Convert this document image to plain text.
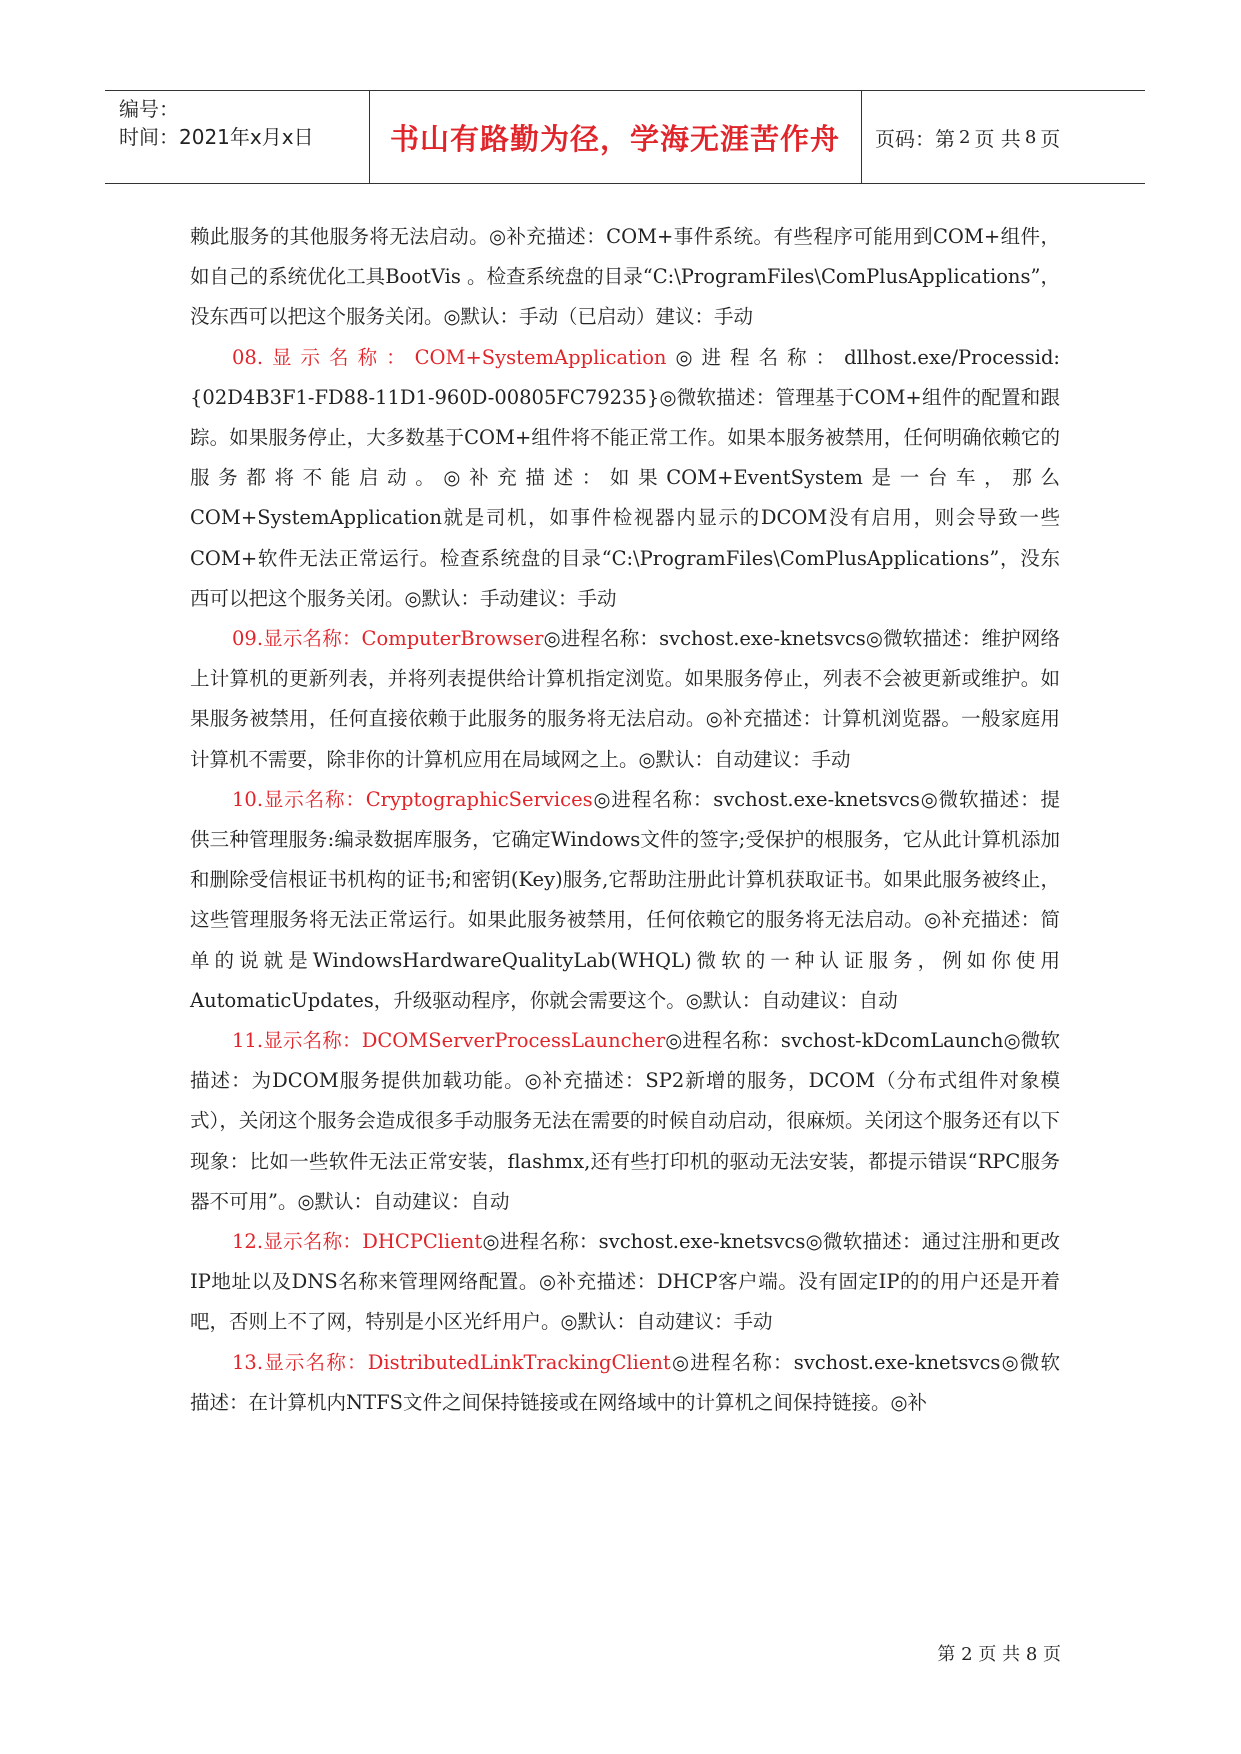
编号：
时间：2021年x月x日	书山有路勤为径，学海无涯苦作舟	页码：第 2 页 共 8 页

赖此服务的其他服务将无法启动。◎补充描述：COM+事件系统。有些程序可能用到COM+组件，如自己的系统优化工具BootVis 。检查系统盘的目录“C:\ProgramFiles\ComPlusApplications”，没东西可以把这个服务关闭。◎默认：手动（已启动）建议：手动

08.显示名称：COM+SystemApplication◎进程名称：dllhost.exe/Processid:{02D4B3F1-FD88-11D1-960D-00805FC79235}◎微软描述：管理基于COM+组件的配置和跟踪。如果服务停止，大多数基于COM+组件将不能正常工作。如果本服务被禁用，任何明确依赖它的服务都将不能启动。◎补充描述：如果COM+EventSystem是一台车，那么COM+SystemApplication就是司机，如事件检视器内显示的DCOM没有启用，则会导致一些COM+软件无法正常运行。检查系统盘的目录“C:\ProgramFiles\ComPlusApplications”，没东西可以把这个服务关闭。◎默认：手动建议：手动

09.显示名称：ComputerBrowser◎进程名称：svchost.exe-knetsvcs◎微软描述：维护网络上计算机的更新列表，并将列表提供给计算机指定浏览。如果服务停止，列表不会被更新或维护。如果服务被禁用，任何直接依赖于此服务的服务将无法启动。◎补充描述：计算机浏览器。一般家庭用计算机不需要，除非你的计算机应用在局域网之上。◎默认：自动建议：手动

10.显示名称：CryptographicServices◎进程名称：svchost.exe-knetsvcs◎微软描述：提供三种管理服务:编录数据库服务，它确定Windows文件的签字;受保护的根服务，它从此计算机添加和删除受信根证书机构的证书;和密钥(Key)服务,它帮助注册此计算机获取证书。如果此服务被终止，这些管理服务将无法正常运行。如果此服务被禁用，任何依赖它的服务将无法启动。◎补充描述：简单的说就是WindowsHardwareQualityLab(WHQL)微软的一种认证服务，例如你使用AutomaticUpdates，升级驱动程序，你就会需要这个。◎默认：自动建议：自动

11.显示名称：DCOMServerProcessLauncher◎进程名称：svchost-kDcomLaunch◎微软描述：为DCOM服务提供加载功能。◎补充描述：SP2新增的服务，DCOM（分布式组件对象模式），关闭这个服务会造成很多手动服务无法在需要的时候自动启动，很麻烦。关闭这个服务还有以下现象：比如一些软件无法正常安装，flashmx,还有些打印机的驱动无法安装，都提示错误“RPC服务器不可用”。◎默认：自动建议：自动

12.显示名称：DHCPClient◎进程名称：svchost.exe-knetsvcs◎微软描述：通过注册和更改IP地址以及DNS名称来管理网络配置。◎补充描述：DHCP客户端。没有固定IP的的用户还是开着吧，否则上不了网，特别是小区光纤用户。◎默认：自动建议：手动

13.显示名称：DistributedLinkTrackingClient◎进程名称：svchost.exe-knetsvcs◎微软描述：在计算机内NTFS文件之间保持链接或在网络域中的计算机之间保持链接。◎补

第 2 页 共 8 页
